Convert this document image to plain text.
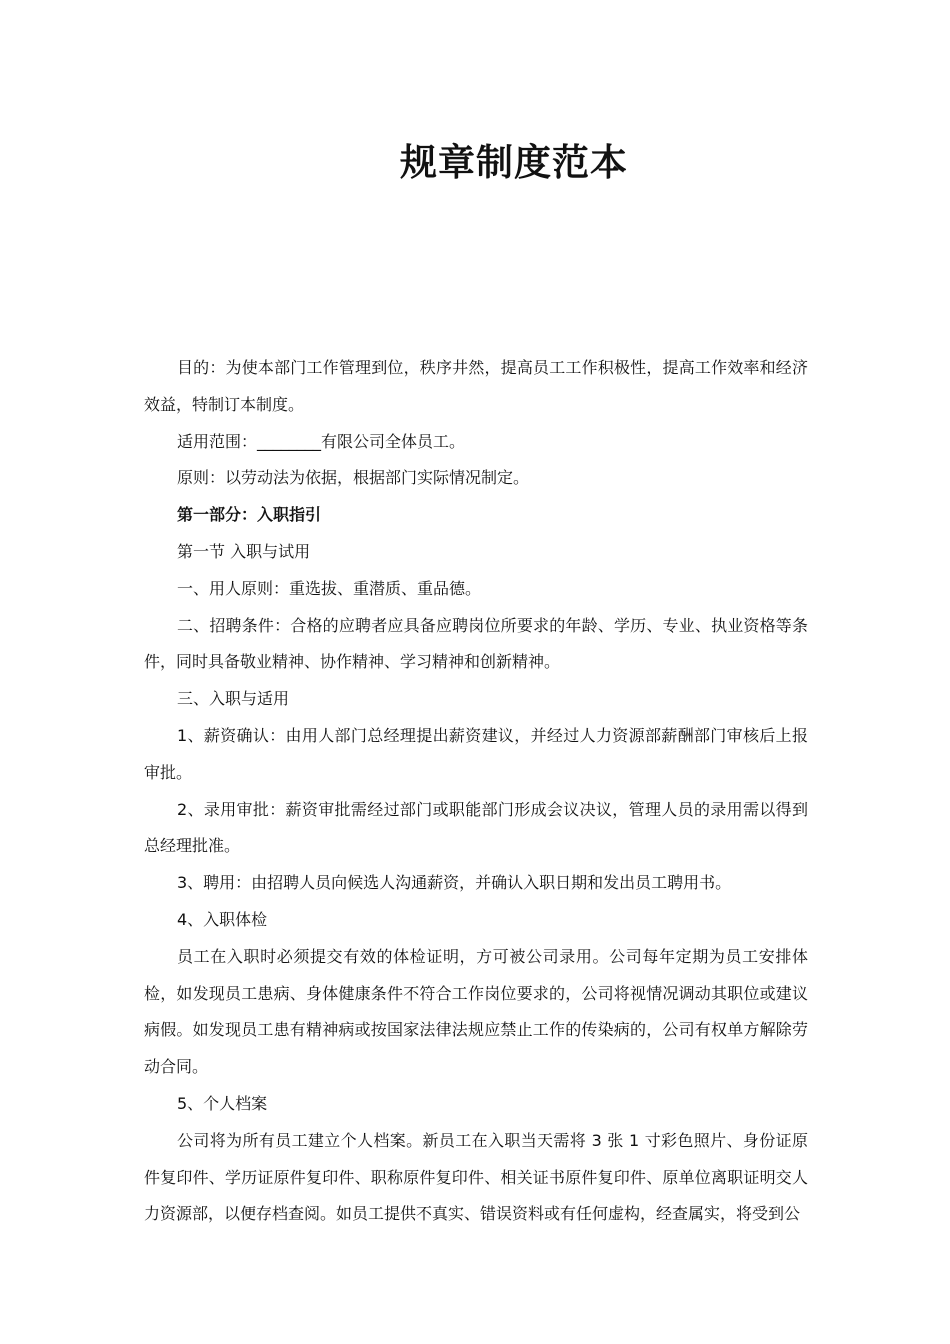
规章制度范本

目的：为使本部门工作管理到位，秩序井然，提高员工工作积极性，提高工作效率和经济效益，特制订本制度。

适用范围：________有限公司全体员工。

原则：以劳动法为依据，根据部门实际情况制定。

第一部分：入职指引

第一节 入职与试用

一、用人原则：重选拔、重潜质、重品德。

二、招聘条件：合格的应聘者应具备应聘岗位所要求的年龄、学历、专业、执业资格等条件，同时具备敬业精神、协作精神、学习精神和创新精神。

三、入职与适用

1、薪资确认：由用人部门总经理提出薪资建议，并经过人力资源部薪酬部门审核后上报审批。

2、录用审批：薪资审批需经过部门或职能部门形成会议决议，管理人员的录用需以得到总经理批准。

3、聘用：由招聘人员向候选人沟通薪资，并确认入职日期和发出员工聘用书。

4、入职体检

员工在入职时必须提交有效的体检证明，方可被公司录用。公司每年定期为员工安排体检，如发现员工患病、身体健康条件不符合工作岗位要求的，公司将视情况调动其职位或建议病假。如发现员工患有精神病或按国家法律法规应禁止工作的传染病的，公司有权单方解除劳动合同。

5、个人档案

公司将为所有员工建立个人档案。新员工在入职当天需将 3 张 1 寸彩色照片、身份证原件复印件、学历证原件复印件、职称原件复印件、相关证书原件复印件、原单位离职证明交人力资源部，以便存档查阅。如员工提供不真实、错误资料或有任何虚构，经查属实，将受到公
